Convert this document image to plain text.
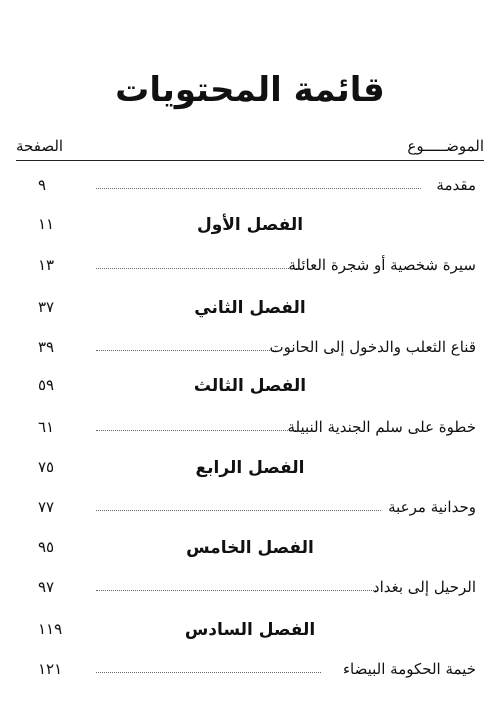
قائمة المحتويات
الموضـــــوع
الصفحة
٩	مقدمة
١١	الفصل الأول
١٣	سيرة شخصية أو شجرة العائلة
٣٧	الفصل الثاني
٣٩	قناع الثعلب والدخول إلى الحانوت
٥٩	الفصل الثالث
٦١	خطوة على سلم الجندية النبيلة
٧٥	الفصل الرابع
٧٧	وحدانية مرعبة
٩٥	الفصل الخامس
٩٧	الرحيل إلى بغداد
١١٩	الفصل السادس
١٢١	خيمة الحكومة البيضاء
